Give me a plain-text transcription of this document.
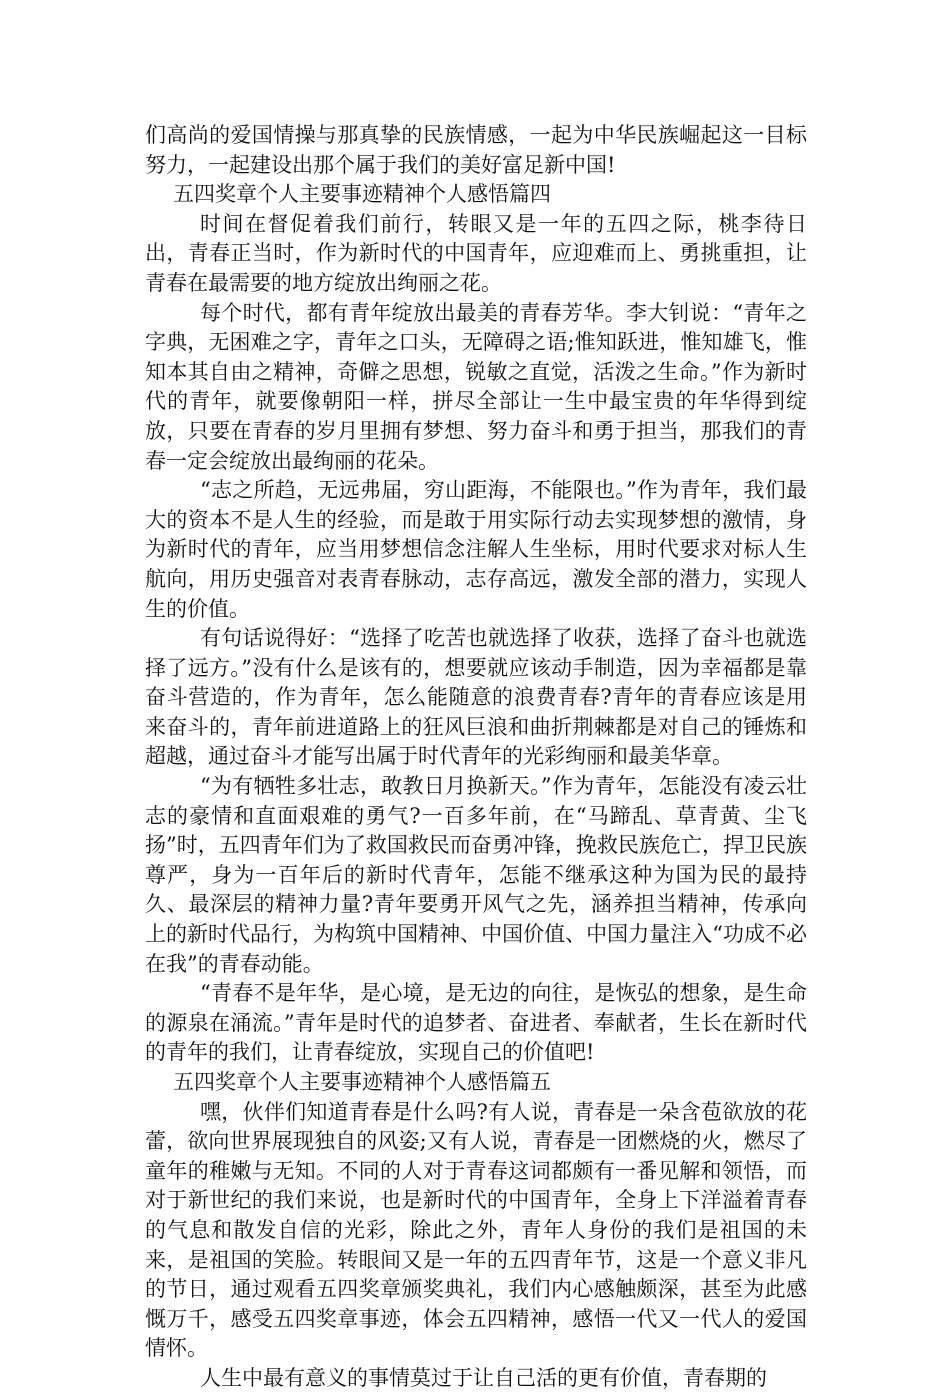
们高尚的爱国情操与那真挚的民族情感，一起为中华民族崛起这一目标努力，一起建设出那个属于我们的美好富足新中国!

五四奖章个人主要事迹精神个人感悟篇四

时间在督促着我们前行，转眼又是一年的五四之际，桃李待日出，青春正当时，作为新时代的中国青年，应迎难而上、勇挑重担，让青春在最需要的地方绽放出绚丽之花。

每个时代，都有青年绽放出最美的青春芳华。李大钊说：“青年之字典，无困难之字，青年之口头，无障碍之语;惟知跃进，惟知雄飞，惟知本其自由之精神，奇僻之思想，锐敏之直觉，活泼之生命。”作为新时代的青年，就要像朝阳一样，拼尽全部让一生中最宝贵的年华得到绽放，只要在青春的岁月里拥有梦想、努力奋斗和勇于担当，那我们的青春一定会绽放出最绚丽的花朵。

“志之所趋，无远弗届，穷山距海，不能限也。”作为青年，我们最大的资本不是人生的经验，而是敢于用实际行动去实现梦想的激情，身为新时代的青年，应当用梦想信念注解人生坐标，用时代要求对标人生航向，用历史强音对表青春脉动，志存高远，激发全部的潜力，实现人生的价值。

有句话说得好：“选择了吃苦也就选择了收获，选择了奋斗也就选择了远方。”没有什么是该有的，想要就应该动手制造，因为幸福都是靠奋斗营造的，作为青年，怎么能随意的浪费青春?青年的青春应该是用来奋斗的，青年前进道路上的狂风巨浪和曲折荆棘都是对自己的锤炼和超越，通过奋斗才能写出属于时代青年的光彩绚丽和最美华章。

“为有牺牲多壮志，敢教日月换新天。”作为青年，怎能没有凌云壮志的豪情和直面艰难的勇气?一百多年前，在“马蹄乱、草青黄、尘飞扬”时，五四青年们为了救国救民而奋勇冲锋，挽救民族危亡，捍卫民族尊严，身为一百年后的新时代青年，怎能不继承这种为国为民的最持久、最深层的精神力量?青年要勇开风气之先，涵养担当精神，传承向上的新时代品行，为构筑中国精神、中国价值、中国力量注入“功成不必在我”的青春动能。

“青春不是年华，是心境，是无边的向往，是恢弘的想象，是生命的源泉在涌流。”青年是时代的追梦者、奋进者、奉献者，生长在新时代的青年的我们，让青春绽放，实现自己的价值吧!

五四奖章个人主要事迹精神个人感悟篇五

嘿，伙伴们知道青春是什么吗?有人说，青春是一朵含苞欲放的花蕾，欲向世界展现独自的风姿;又有人说，青春是一团燃烧的火，燃尽了童年的稚嫩与无知。不同的人对于青春这词都颇有一番见解和领悟，而对于新世纪的我们来说，也是新时代的中国青年，全身上下洋溢着青春的气息和散发自信的光彩，除此之外，青年人身份的我们是祖国的未来，是祖国的笑脸。转眼间又是一年的五四青年节，这是一个意义非凡的节日，通过观看五四奖章颁奖典礼，我们内心感触颇深，甚至为此感慨万千，感受五四奖章事迹，体会五四精神，感悟一代又一代人的爱国情怀。

人生中最有意义的事情莫过于让自己活的更有价值，青春期的
